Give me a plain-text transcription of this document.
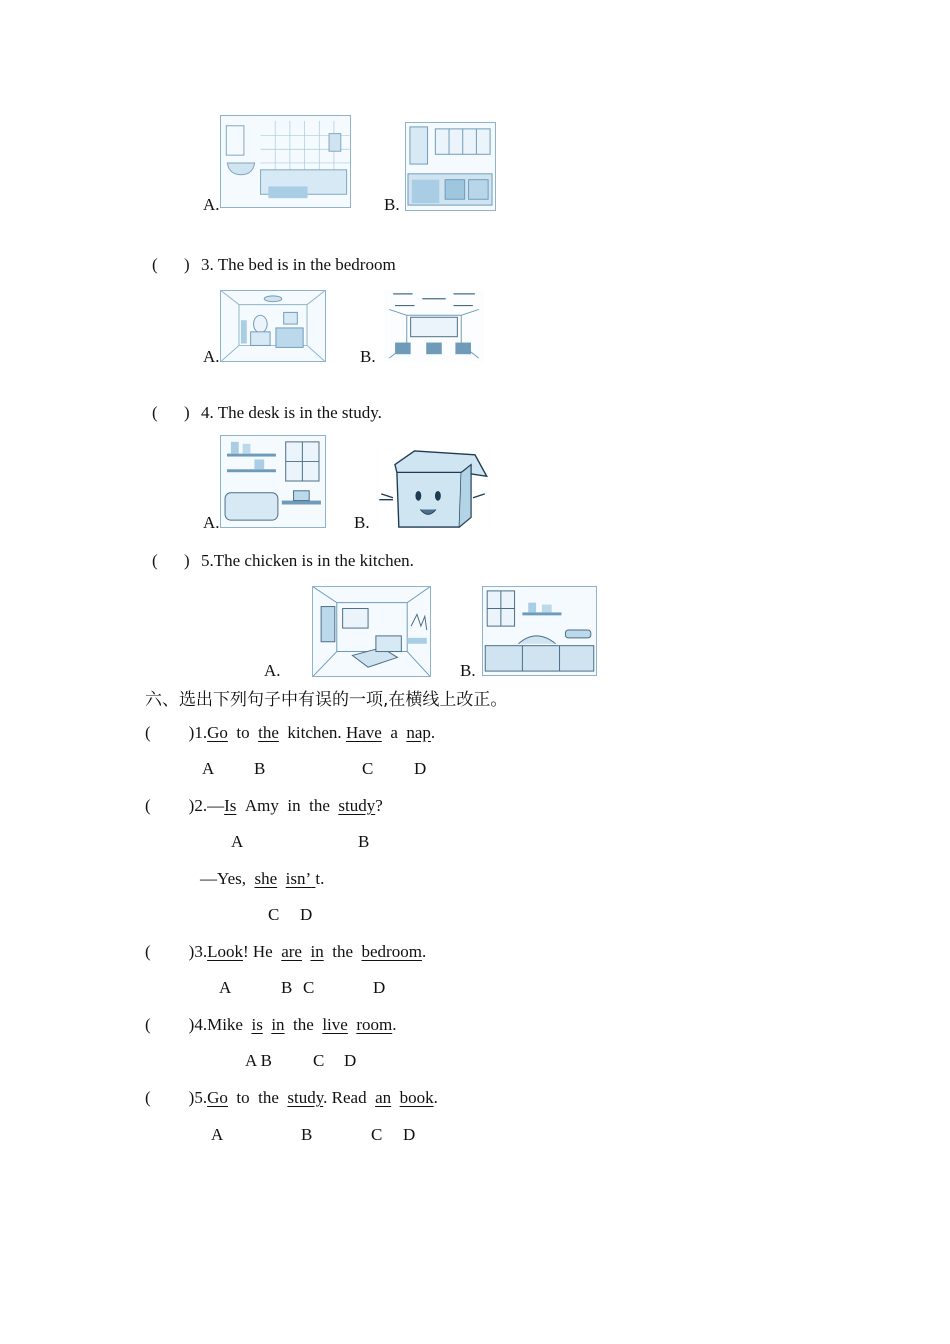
A.	B.
( ) 3. The bed is in the bedroom
A.	B.
( ) 4. The desk is in the study.
A.	B.
( ) 5.The chicken is in the kitchen.
A.	B.
六、选出下列句子中有误的一项,在横线上改正。
( )1.Go to the kitchen. Have a nap.
A B	C D
( )2.—Is Amy in the study?
A	B
—Yes, she isn’ t.
C D
( )3.Look! He are in the bedroom.
A	B C	D
( )4.Mike is in the live room.
A B C D
( )5.Go to the study. Read an book.
A	B	C D
